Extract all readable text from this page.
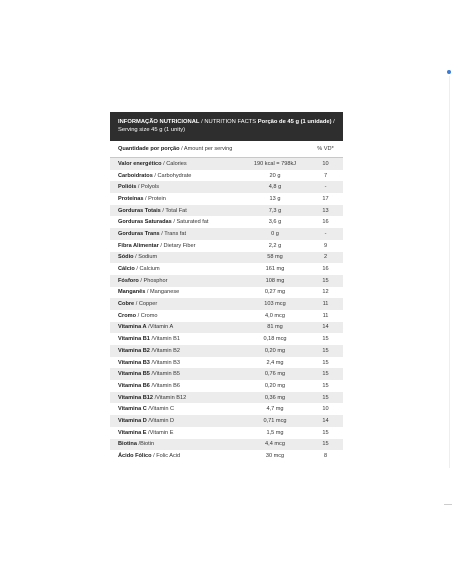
INFORMAÇÃO NUTRICIONAL / NUTRITION FACTS Porção de 45 g (1 unidade) / Serving size 45 g (1 unity)		
Quantidade por porção / Amount per serving		% VD*
Valor energético / Calories	190 kcal = 798kJ	10
Carboidratos / Carbohydrate	20 g	7
Polióis / Polyols	4,8 g	-
Proteínas / Protein	13 g	17
Gorduras Totais / Total Fat	7,3 g	13
Gorduras Saturadas / Saturated fat	3,6 g	16
Gorduras Trans / Trans fat	0 g	-
Fibra Alimentar / Dietary Fiber	2,2 g	9
Sódio / Sodium	58 mg	2
Cálcio / Calcium	161 mg	16
Fósforo / Phosphor	108 mg	15
Manganês / Manganese	0,27 mg	12
Cobre / Copper	103 mcg	11
Cromo / Cromo	4,0 mcg	11
Vitamina A /Vitamin A	81 mg	14
Vitamina B1 /Vitamin B1	0,18 mcg	15
Vitamina B2 /Vitamin B2	0,20 mg	15
Vitamina B3 /Vitamin B3	2,4 mg	15
Vitamina B5 /Vitamin B5	0,76 mg	15
Vitamina B6 /Vitamin B6	0,20 mg	15
Vitamina B12 /Vitamin B12	0,36 mg	15
Vitamina C /Vitamin C	4,7 mg	10
Vitamina D /Vitamin D	0,71 mcg	14
Vitamina E /Vitamin E	1,5 mg	15
Biotina /Biotin	4,4 mcg	15
Ácido Fólico / Folic Acid	30 mcg	8
